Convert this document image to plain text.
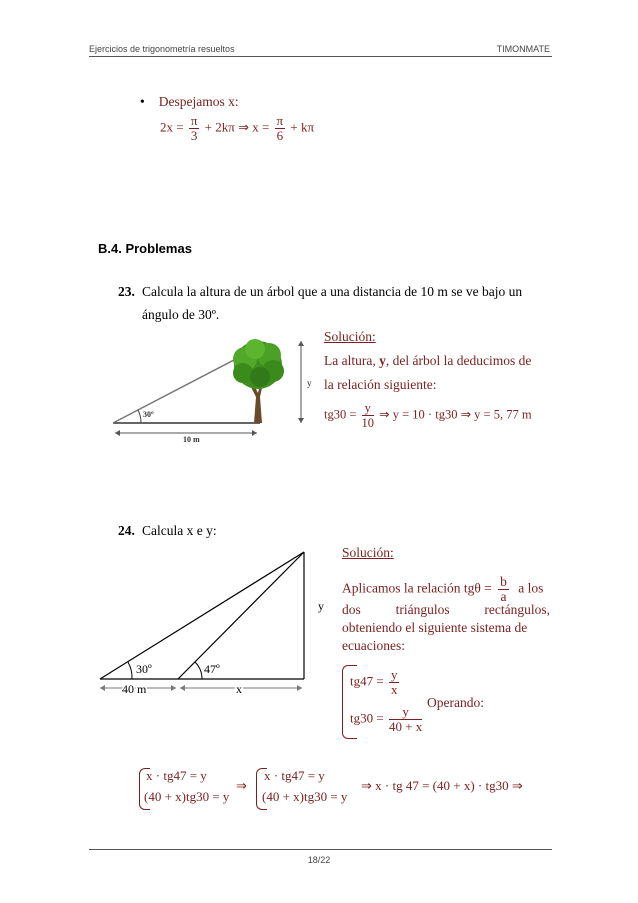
Ejercicios de trigonometría resueltos	TIMONMATE
• Despejamos x:
$2x = \frac{\pi}{3} + 2k\pi$ ⇒ $x = \frac{\pi}{6} + k\pi$
B.4. Problemas
23. Calcula la altura de un árbol que a una distancia de 10 m se ve bajo un
ángulo de 30º.
Solución:
La altura, y, del árbol la deducimos de
la relación siguiente:
$tg30 = \frac{y}{10}$ ⇒ y = 10 · tg30 ⇒ y = 5, 77 m
30º
10 m
y
24. Calcula x e y:
Solución:
Aplicamos la relación $tg\theta = \frac{b}{a}$ a los
dos triángulos rectángulos,
obteniendo el siguiente sistema de
ecuaciones:
$tg47 = \frac{y}{x}$
$tg30 = \frac{y}{40 + x}$
Operando:
30º	47º
y
40 m	x
x · tg47 = y
(40 + x)tg30 = y
⇒
x · tg47 = y
(40 + x)tg30 = y
⇒ x · tg 47 = (40 + x) · tg30 ⇒
18/22
